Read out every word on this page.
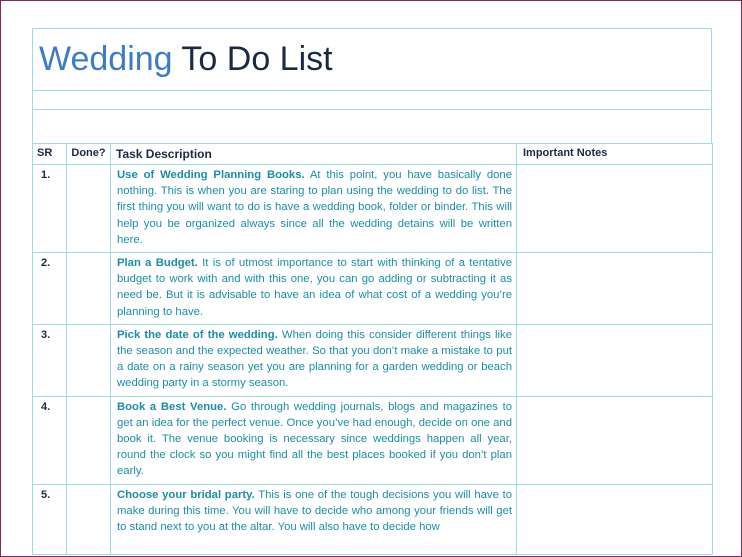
Wedding To Do List
SR	Done?	Task Description	Important Notes
1.		Use of Wedding Planning Books. At this point, you have basically done nothing. This is when you are staring to plan using the wedding to do list. The first thing you will want to do is have a wedding book, folder or binder. This will help you be organized always since all the wedding detains will be written here.	
2.		Plan a Budget. It is of utmost importance to start with thinking of a tentative budget to work with and with this one, you can go adding or subtracting it as need be. But it is advisable to have an idea of what cost of a wedding you’re planning to have.	
3.		Pick the date of the wedding. When doing this consider different things like the season and the expected weather. So that you don’t make a mistake to put a date on a rainy season yet you are planning for a garden wedding or beach wedding party in a stormy season.	
4.		Book a Best Venue. Go through wedding journals, blogs and magazines to get an idea for the perfect venue. Once you’ve had enough, decide on one and book it. The venue booking is necessary since weddings happen all year, round the clock so you might find all the best places booked if you don’t plan early.	
5.		Choose your bridal party. This is one of the tough decisions you will have to make during this time. You will have to decide who among your friends will get to stand next to you at the altar. You will also have to decide how	
